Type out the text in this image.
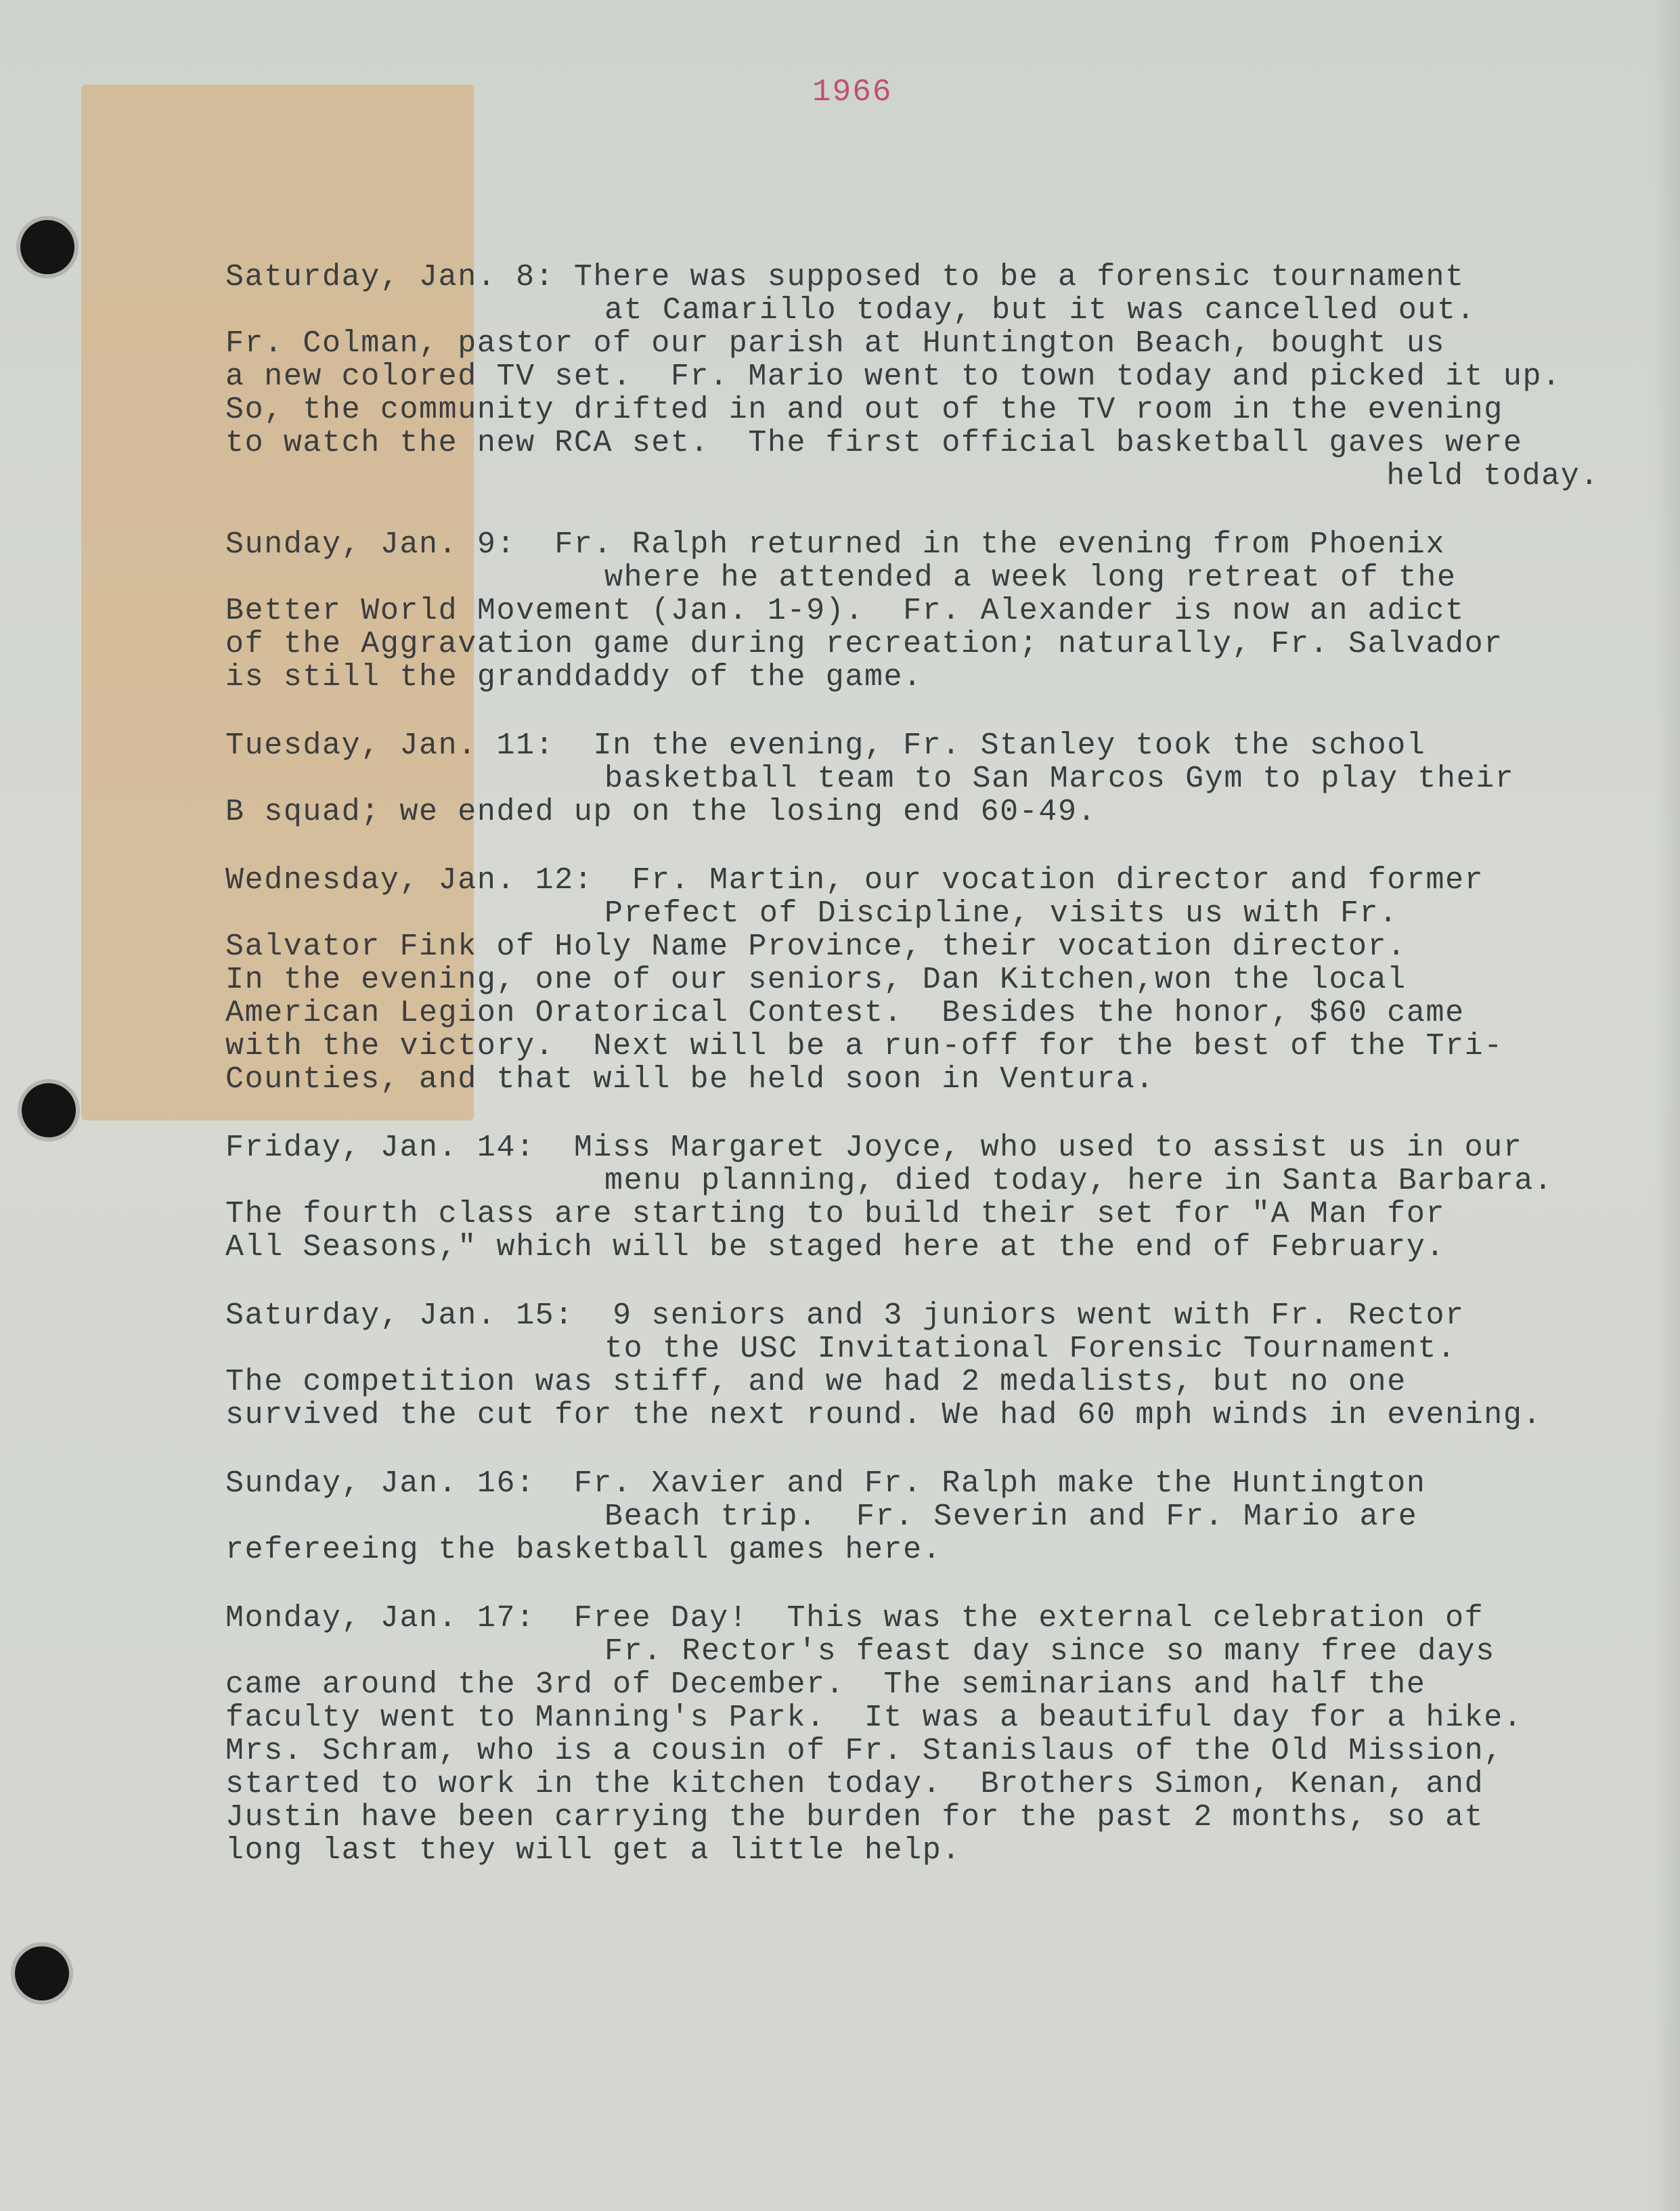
1966
Saturday, Jan. 8: There was supposed to be a forensic tournament
at Camarillo today, but it was cancelled out.
Fr. Colman, pastor of our parish at Huntington Beach, bought us
a new colored TV set.  Fr. Mario went to town today and picked it up.
So, the community drifted in and out of the TV room in the evening
to watch the new RCA set.  The first official basketball gaves were
held today.
Sunday, Jan. 9:  Fr. Ralph returned in the evening from Phoenix
where he attended a week long retreat of the
Better World Movement (Jan. 1-9).  Fr. Alexander is now an adict
of the Aggravation game during recreation; naturally, Fr. Salvador
is still the granddaddy of the game.
Tuesday, Jan. 11:  In the evening, Fr. Stanley took the school
basketball team to San Marcos Gym to play their
B squad; we ended up on the losing end 60-49.
Wednesday, Jan. 12:  Fr. Martin, our vocation director and former
Prefect of Discipline, visits us with Fr.
Salvator Fink of Holy Name Province, their vocation director.
In the evening, one of our seniors, Dan Kitchen,won the local
American Legion Oratorical Contest.  Besides the honor, $60 came
with the victory.  Next will be a run-off for the best of the Tri-
Counties, and that will be held soon in Ventura.
Friday, Jan. 14:  Miss Margaret Joyce, who used to assist us in our
menu planning, died today, here in Santa Barbara.
The fourth class are starting to build their set for "A Man for
All Seasons," which will be staged here at the end of February.
Saturday, Jan. 15:  9 seniors and 3 juniors went with Fr. Rector
to the USC Invitational Forensic Tournament.
The competition was stiff, and we had 2 medalists, but no one
survived the cut for the next round. We had 60 mph winds in evening.
Sunday, Jan. 16:  Fr. Xavier and Fr. Ralph make the Huntington
Beach trip.  Fr. Severin and Fr. Mario are
refereeing the basketball games here.
Monday, Jan. 17:  Free Day!  This was the external celebration of
Fr. Rector's feast day since so many free days
came around the 3rd of December.  The seminarians and half the
faculty went to Manning's Park.  It was a beautiful day for a hike.
Mrs. Schram, who is a cousin of Fr. Stanislaus of the Old Mission,
started to work in the kitchen today.  Brothers Simon, Kenan, and
Justin have been carrying the burden for the past 2 months, so at
long last they will get a little help.
